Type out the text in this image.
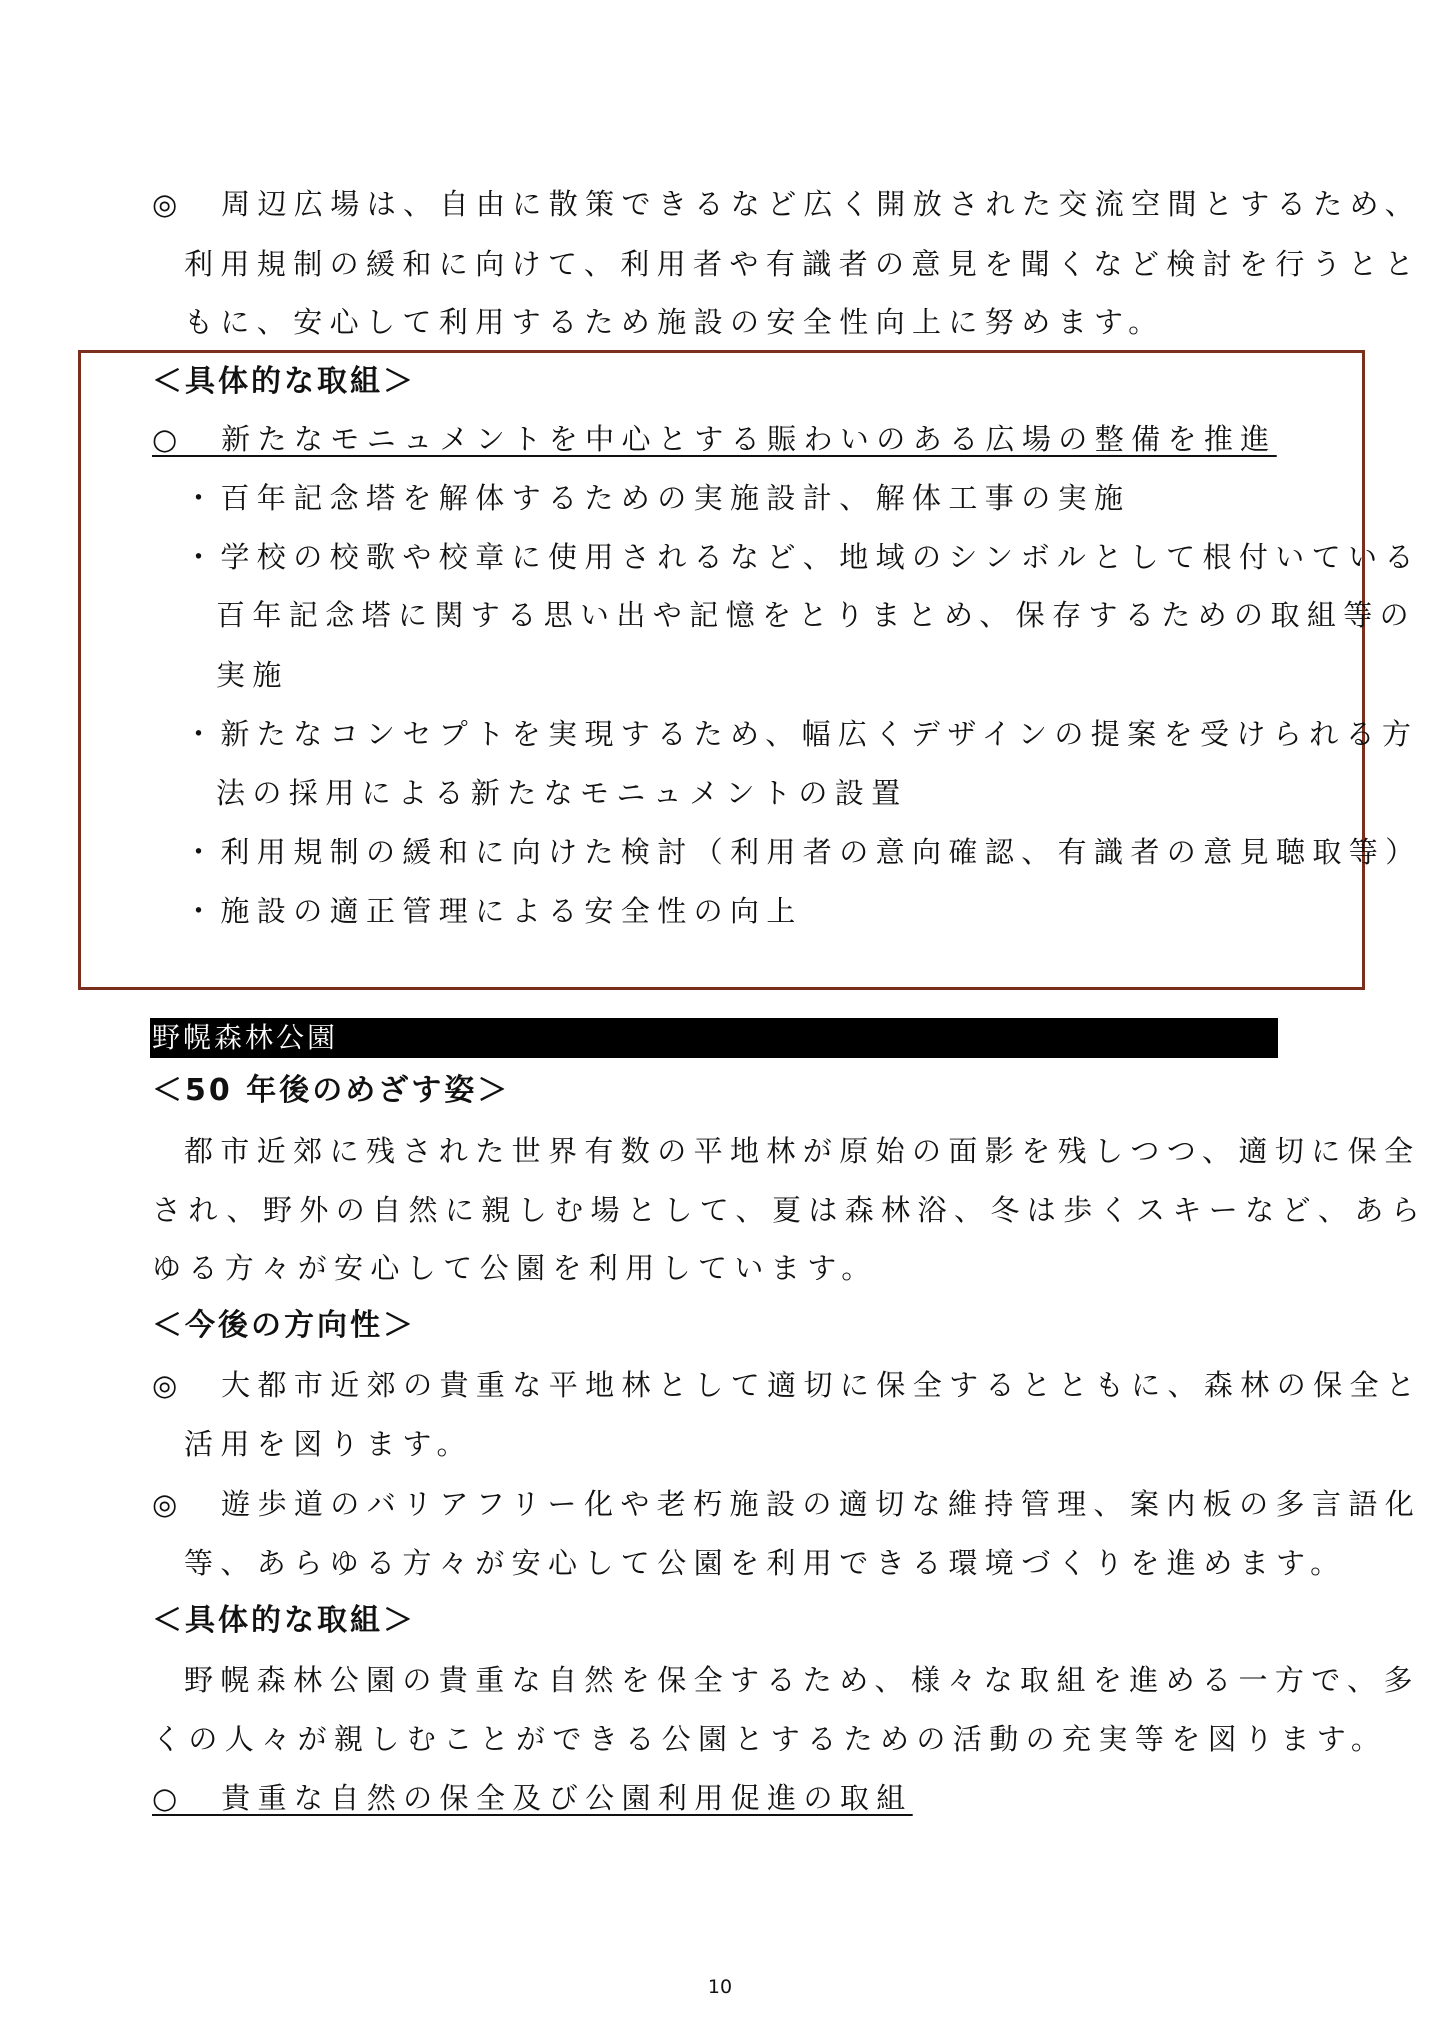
◎　周辺広場は、自由に散策できるなど広く開放された交流空間とするため、
利用規制の緩和に向けて、利用者や有識者の意見を聞くなど検討を行うとと
もに、安心して利用するため施設の安全性向上に努めます。
＜具体的な取組＞
○　新たなモニュメントを中心とする賑わいのある広場の整備を推進
・百年記念塔を解体するための実施設計、解体工事の実施
・学校の校歌や校章に使用されるなど、地域のシンボルとして根付いている
百年記念塔に関する思い出や記憶をとりまとめ、保存するための取組等の
実施
・新たなコンセプトを実現するため、幅広くデザインの提案を受けられる方
法の採用による新たなモニュメントの設置
・利用規制の緩和に向けた検討（利用者の意向確認、有識者の意見聴取等）
・施設の適正管理による安全性の向上
野幌森林公園
＜50 年後のめざす姿＞
都市近郊に残された世界有数の平地林が原始の面影を残しつつ、適切に保全
され、野外の自然に親しむ場として、夏は森林浴、冬は歩くスキーなど、あら
ゆる方々が安心して公園を利用しています。
＜今後の方向性＞
◎　大都市近郊の貴重な平地林として適切に保全するとともに、森林の保全と
活用を図ります。
◎　遊歩道のバリアフリー化や老朽施設の適切な維持管理、案内板の多言語化
等、あらゆる方々が安心して公園を利用できる環境づくりを進めます。
＜具体的な取組＞
野幌森林公園の貴重な自然を保全するため、様々な取組を進める一方で、多
くの人々が親しむことができる公園とするための活動の充実等を図ります。
○　貴重な自然の保全及び公園利用促進の取組
10
